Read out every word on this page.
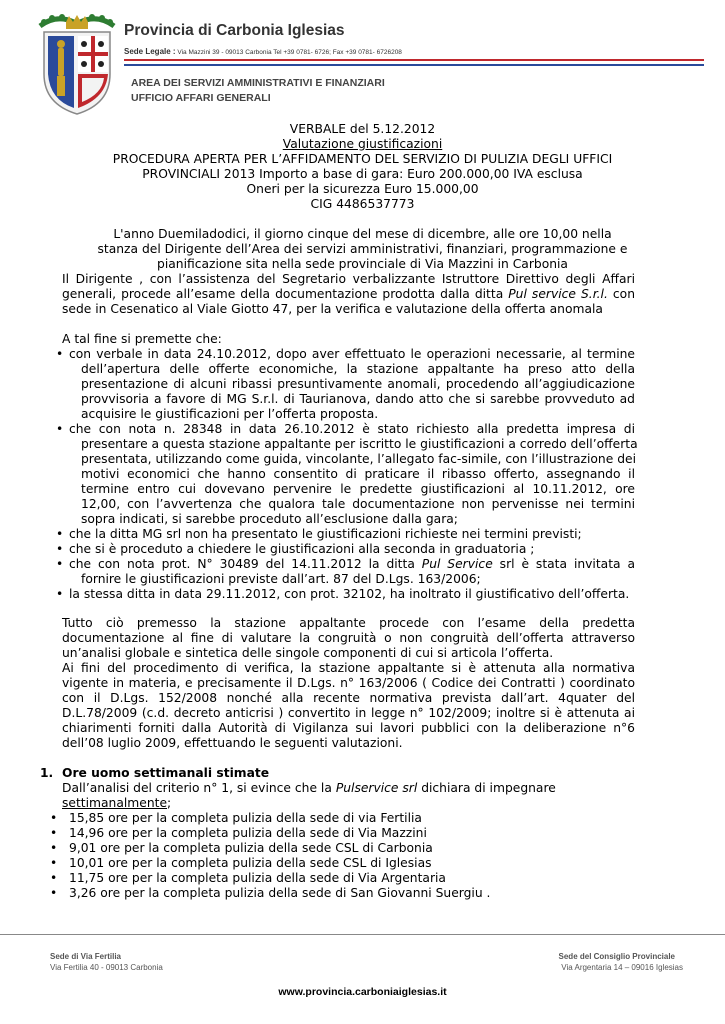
Provincia di Carbonia Iglesias
Sede Legale : Via Mazzini 39 - 09013 Carbonia Tel +39 0781- 6726; Fax +39 0781- 6726208
AREA DEI SERVIZI AMMINISTRATIVI E FINANZIARI
UFFICIO AFFARI GENERALI
VERBALE del 5.12.2012
Valutazione giustificazioni
PROCEDURA APERTA PER L’AFFIDAMENTO DEL SERVIZIO DI PULIZIA DEGLI UFFICI
PROVINCIALI 2013 Importo a base di gara: Euro 200.000,00 IVA esclusa
Oneri per la sicurezza Euro 15.000,00
CIG 4486537773
L'anno Duemiladodici, il giorno cinque del mese di dicembre, alle ore 10,00 nella
stanza del Dirigente dell’Area dei servizi amministrativi, finanziari, programmazione e
pianificazione sita nella sede provinciale di Via Mazzini in Carbonia
Il Dirigente , con l’assistenza del Segretario verbalizzante Istruttore Direttivo degli Affari
generali, procede all’esame della documentazione prodotta dalla ditta Pul service S.r.l. con
sede in Cesenatico al Viale Giotto 47, per la verifica e valutazione della offerta anomala
A tal fine si premette che:
• con verbale in data 24.10.2012, dopo aver effettuato le operazioni necessarie, al termine
dell’apertura delle offerte economiche, la stazione appaltante ha preso atto della
presentazione di alcuni ribassi presuntivamente anomali, procedendo all’aggiudicazione
provvisoria a favore di MG S.r.l. di Taurianova, dando atto che si sarebbe provveduto ad
acquisire le giustificazioni per l’offerta proposta.
• che con nota n. 28348 in data 26.10.2012 è stato richiesto alla predetta impresa di
presentare a questa stazione appaltante per iscritto le giustificazioni a corredo dell’offerta
presentata, utilizzando come guida, vincolante, l’allegato fac-simile, con l’illustrazione dei
motivi economici che hanno consentito di praticare il ribasso offerto, assegnando il
termine entro cui dovevano pervenire le predette giustificazioni al 10.11.2012, ore
12,00, con l’avvertenza che qualora tale documentazione non pervenisse nei termini
sopra indicati, si sarebbe proceduto all’esclusione dalla gara;
• che la ditta MG srl non ha presentato le giustificazioni richieste nei termini previsti;
• che si è proceduto a chiedere le giustificazioni alla seconda in graduatoria ;
• che con nota prot. N° 30489 del 14.11.2012 la ditta Pul Service srl è stata invitata a
fornire le giustificazioni previste dall’art. 87 del D.Lgs. 163/2006;
• la stessa ditta in data 29.11.2012, con prot. 32102, ha inoltrato il giustificativo dell’offerta.
Tutto ciò premesso la stazione appaltante procede con l’esame della predetta
documentazione al fine di valutare la congruità o non congruità dell’offerta attraverso
un’analisi globale e sintetica delle singole componenti di cui si articola l’offerta.
Ai fini del procedimento di verifica, la stazione appaltante si è attenuta alla normativa
vigente in materia, e precisamente il D.Lgs. n° 163/2006 ( Codice dei Contratti ) coordinato
con il D.Lgs. 152/2008 nonché alla recente normativa prevista dall’art. 4quater del
D.L.78/2009 (c.d. decreto anticrisi ) convertito in legge n° 102/2009; inoltre si è attenuta ai
chiarimenti forniti dalla Autorità di Vigilanza sui lavori pubblici con la deliberazione n°6
dell’08 luglio 2009, effettuando le seguenti valutazioni.
1. Ore uomo settimanali stimate
Dall’analisi del criterio n° 1, si evince che la Pulservice srl dichiara di impegnare
settimanalmente;
• 15,85 ore per la completa pulizia della sede di via Fertilia
• 14,96 ore per la completa pulizia della sede di Via Mazzini
• 9,01 ore per la completa pulizia della sede CSL di Carbonia
• 10,01 ore per la completa pulizia della sede CSL di Iglesias
• 11,75 ore per la completa pulizia della sede di Via Argentaria
• 3,26 ore per la completa pulizia della sede di San Giovanni Suergiu .
Sede di Via Fertilia
Via Fertilia 40 - 09013 Carbonia
Sede del Consiglio Provinciale
Via Argentaria 14 – 09016 Iglesias
www.provincia.carboniaiglesias.it
